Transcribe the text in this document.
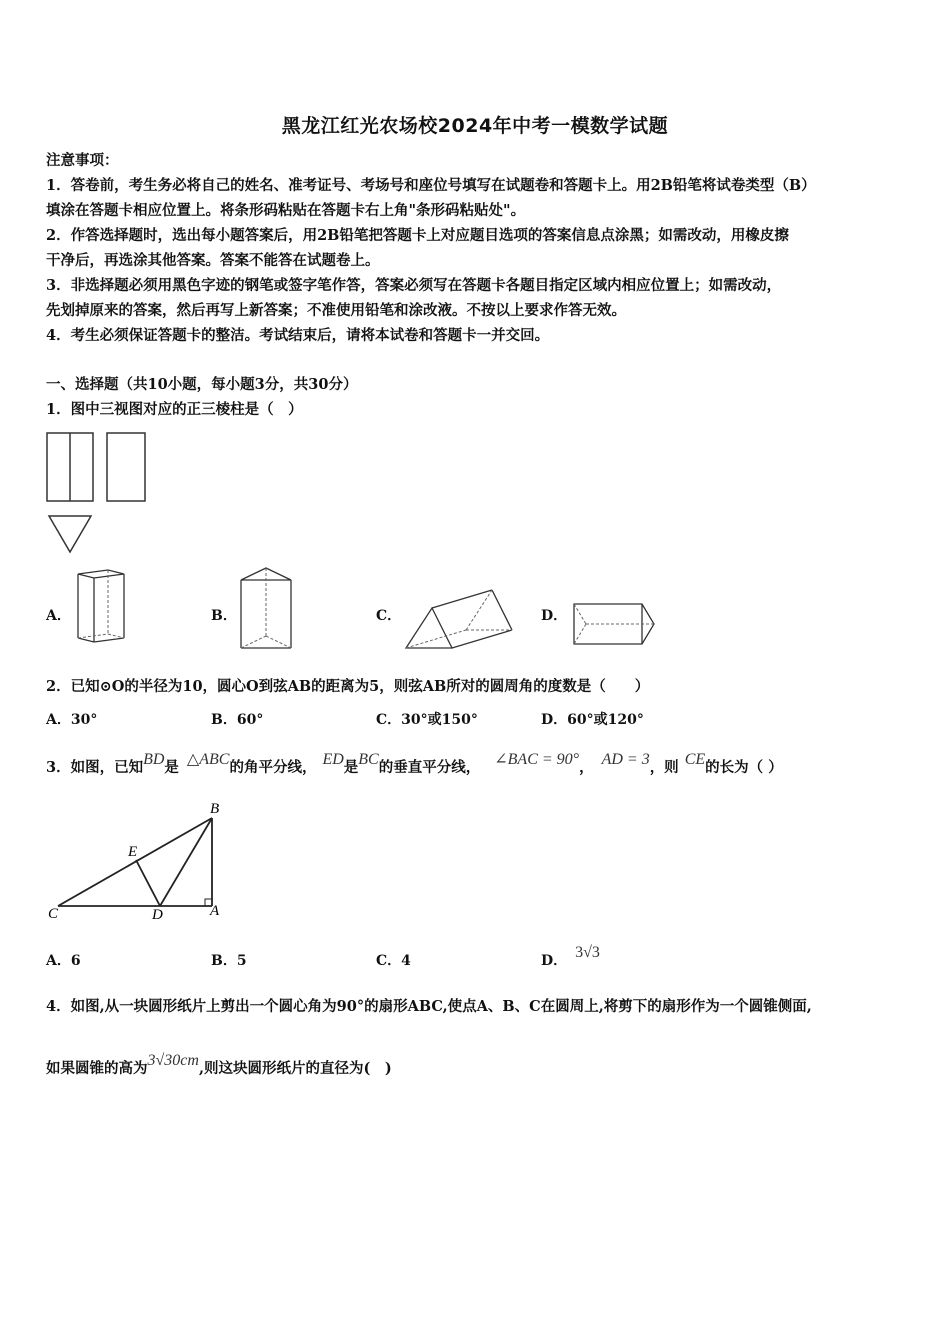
黑龙江红光农场校2024年中考一模数学试题
注意事项：
1．答卷前，考生务必将自己的姓名、准考证号、考场号和座位号填写在试题卷和答题卡上。用2B铅笔将试卷类型（B）
填涂在答题卡相应位置上。将条形码粘贴在答题卡右上角"条形码粘贴处"。
2．作答选择题时，选出每小题答案后，用2B铅笔把答题卡上对应题目选项的答案信息点涂黑；如需改动，用橡皮擦
干净后，再选涂其他答案。答案不能答在试题卷上。
3．非选择题必须用黑色字迹的钢笔或签字笔作答，答案必须写在答题卡各题目指定区域内相应位置上；如需改动，
先划掉原来的答案，然后再写上新答案；不准使用铅笔和涂改液。不按以上要求作答无效。
4．考生必须保证答题卡的整洁。考试结束后，请将本试卷和答题卡一并交回。
一、选择题（共10小题，每小题3分，共30分）
1．图中三视图对应的正三棱柱是（　）
A．	B．	C．	D．
2．已知⊙O的半径为10，圆心O到弦AB的距离为5，则弦AB所对的圆周角的度数是（　　）
A．30°	B．60°	C．30°或150°	D．60°或120°
3．如图，已知BD是 △ABC的角平分线， ED是BC的垂直平分线， ∠BAC = 90°， AD = 3，则 CE的长为（ ）
B
E
C	D	A
A．6	B．5	C．4	D． 3√3
4．如图,从一块圆形纸片上剪出一个圆心角为90°的扇形ABC,使点A、B、C在圆周上,将剪下的扇形作为一个圆锥侧面,
如果圆锥的高为3√30cm,则这块圆形纸片的直径为(　)
